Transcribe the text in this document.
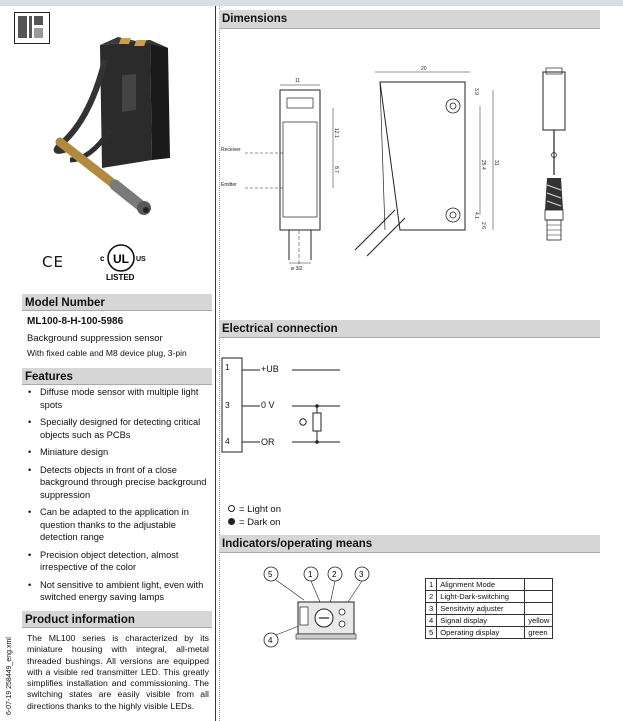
CE	UL
c	US
LISTED
Model Number
ML100-8-H-100-5986
Background suppression sensor
With fixed cable and M8 device plug, 3-pin
Features
• Diffuse mode sensor with multiple light spots
• Specially designed for detecting critical objects such as PCBs
• Miniature design
• Detects objects in front of a close background through precise background suppression
• Can be adapted to the application in question thanks to the adjustable detection range
• Precision object detection, almost irrespective of the color
• Not sensitive to ambient light, even with switched energy saving lamps
Product information
The ML100 series is characterized by its miniature housing with integral, all-metal threaded bushings. All versions are equipped with a visible red transmitter LED. This greatly simplifies installation and commissioning. The switching states are easily visible from all directions thanks to the highly visible LEDs.
6-07-19 258449_eng.xml
Dimensions
11
Receiver
Emitter
12.1
8.7
ø 3.2
20
25.4 31
3.9
4.1
2.6
Electrical connection
1
3
4
+UB
0 V
OR
= Light on
= Dark on
Indicators/operating means
5	1 2	3
4
1	Alignment Mode	
2	Light-Dark-switching	
3	Sensitivity adjuster	
4	Signal display	yellow
5	Operating display	green
